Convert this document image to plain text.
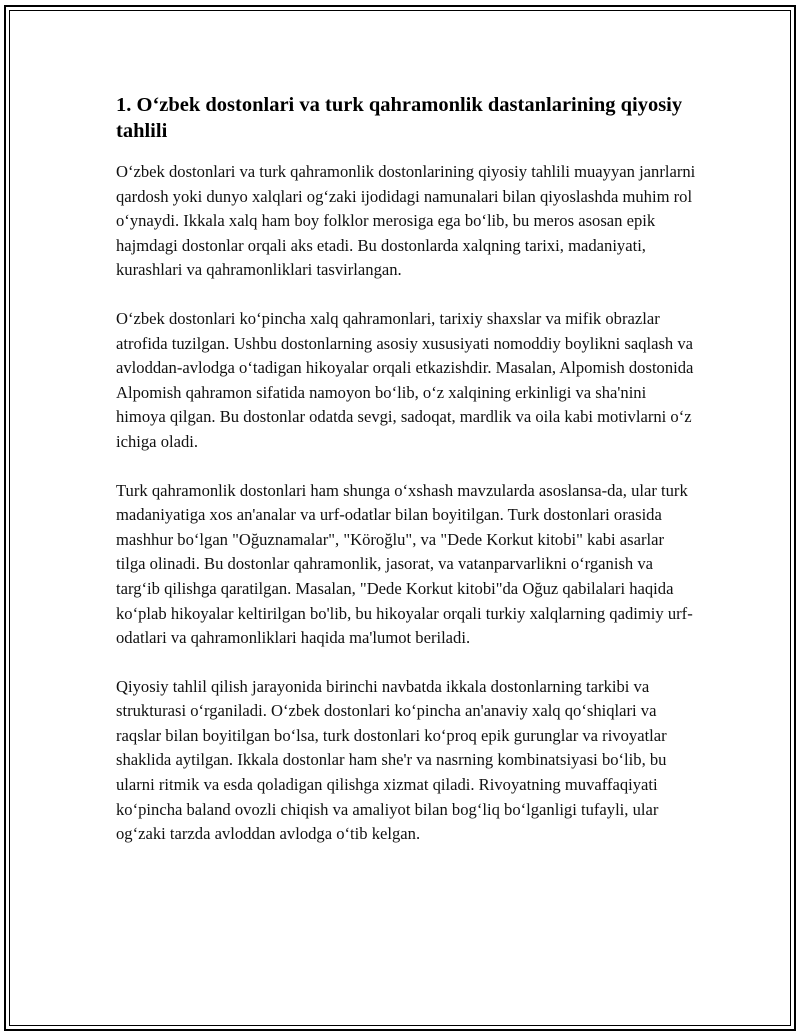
1. O‘zbek dostonlari va turk qahramonlik dastanlarining qiyosiy tahlili

O‘zbek dostonlari va turk qahramonlik dostonlarining qiyosiy tahlili muayyan janrlarni qardosh yoki dunyo xalqlari og‘zaki ijodidagi namunalari bilan qiyoslashda muhim rol o‘ynaydi. Ikkala xalq ham boy folklor merosiga ega bo‘lib, bu meros asosan epik hajmdagi dostonlar orqali aks etadi. Bu dostonlarda xalqning tarixi, madaniyati, kurashlari va qahramonliklari tasvirlangan.

O‘zbek dostonlari ko‘pincha xalq qahramonlari, tarixiy shaxslar va mifik obrazlar atrofida tuzilgan. Ushbu dostonlarning asosiy xususiyati nomoddiy boylikni saqlash va avloddan-avlodga o‘tadigan hikoyalar orqali etkazishdir. Masalan, Alpomish dostonida Alpomish qahramon sifatida namoyon bo‘lib, o‘z xalqining erkinligi va sha'nini himoya qilgan. Bu dostonlar odatda sevgi, sadoqat, mardlik va oila kabi motivlarni o‘z ichiga oladi.

Turk qahramonlik dostonlari ham shunga o‘xshash mavzularda asoslansa-da, ular turk madaniyatiga xos an'analar va urf-odatlar bilan boyitilgan. Turk dostonlari orasida mashhur bo‘lgan "Oğuznamalar", "Köroğlu", va "Dede Korkut kitobi" kabi asarlar tilga olinadi. Bu dostonlar qahramonlik, jasorat, va vatanparvarlikni o‘rganish va targ‘ib qilishga qaratilgan. Masalan, "Dede Korkut kitobi"da Oğuz qabilalari haqida ko‘plab hikoyalar keltirilgan bo'lib, bu hikoyalar orqali turkiy xalqlarning qadimiy urf-odatlari va qahramonliklari haqida ma'lumot beriladi.

Qiyosiy tahlil qilish jarayonida birinchi navbatda ikkala dostonlarning tarkibi va strukturasi o‘rganiladi. O‘zbek dostonlari ko‘pincha an'anaviy xalq qo‘shiqlari va raqslar bilan boyitilgan bo‘lsa, turk dostonlari ko‘proq epik gurunglar va rivoyatlar shaklida aytilgan. Ikkala dostonlar ham she'r va nasrning kombinatsiyasi bo‘lib, bu ularni ritmik va esda qoladigan qilishga xizmat qiladi. Rivoyatning muvaffaqiyati ko‘pincha baland ovozli chiqish va amaliyot bilan bog‘liq bo‘lganligi tufayli, ular og‘zaki tarzda avloddan avlodga o‘tib kelgan.
